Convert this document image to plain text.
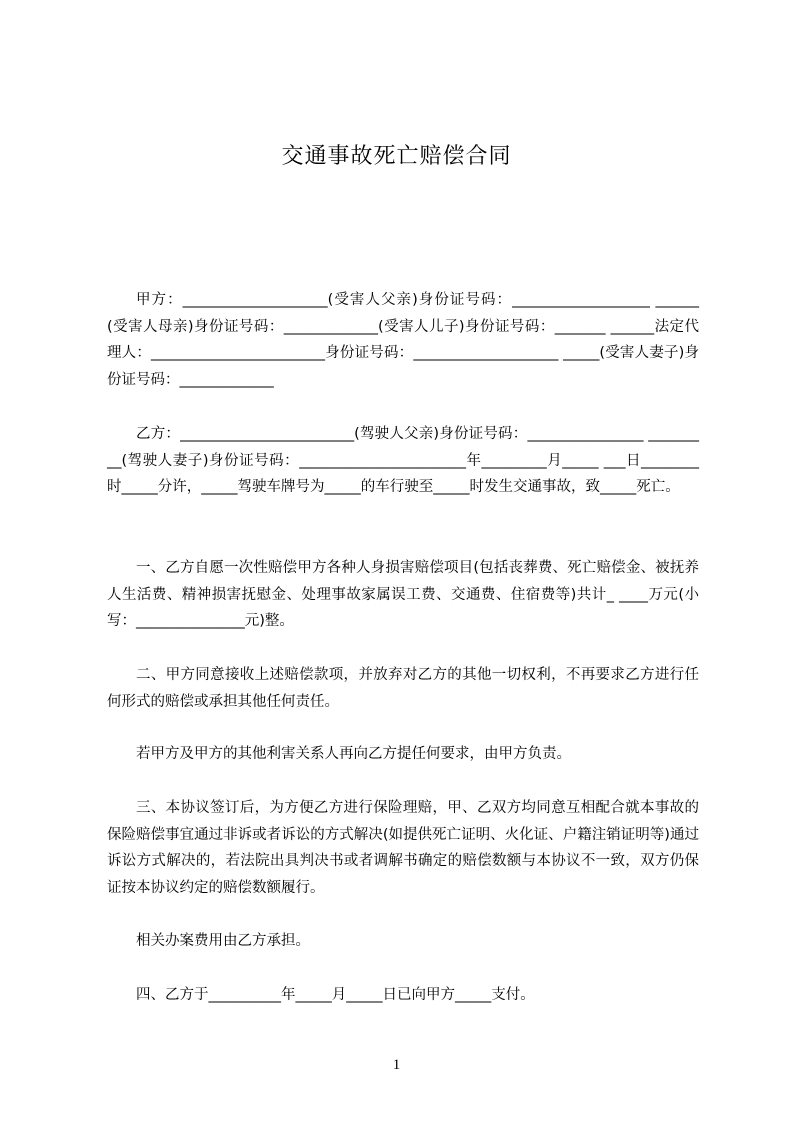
交通事故死亡赔偿合同

甲方：____________________(受害人父亲)身份证号码：___________________ ______(受害人母亲)身份证号码：_____________(受害人儿子)身份证号码：_______ ______法定代理人：________________________身份证号码：____________________ _____(受害人妻子)身份证号码：_____________

乙方：________________________(驾驶人父亲)身份证号码：________________ _________(驾驶人妻子)身份证号码：_______________________年_________月_____ ___日________时_____分许，_____驾驶车牌号为_____的车行驶至_____时发生交通事故，致_____死亡。

一、乙方自愿一次性赔偿甲方各种人身损害赔偿项目(包括丧葬费、死亡赔偿金、被抚养人生活费、精神损害抚慰金、处理事故家属误工费、交通费、住宿费等)共计_ ____万元(小写：_______________元)整。

二、甲方同意接收上述赔偿款项，并放弃对乙方的其他一切权利，不再要求乙方进行任何形式的赔偿或承担其他任何责任。

若甲方及甲方的其他利害关系人再向乙方提任何要求，由甲方负责。

三、本协议签订后，为方便乙方进行保险理赔，甲、乙双方均同意互相配合就本事故的保险赔偿事宜通过非诉或者诉讼的方式解决(如提供死亡证明、火化证、户籍注销证明等)通过诉讼方式解决的，若法院出具判决书或者调解书确定的赔偿数额与本协议不一致，双方仍保证按本协议约定的赔偿数额履行。

相关办案费用由乙方承担。

四、乙方于__________年_____月_____日已向甲方_____支付。

1
